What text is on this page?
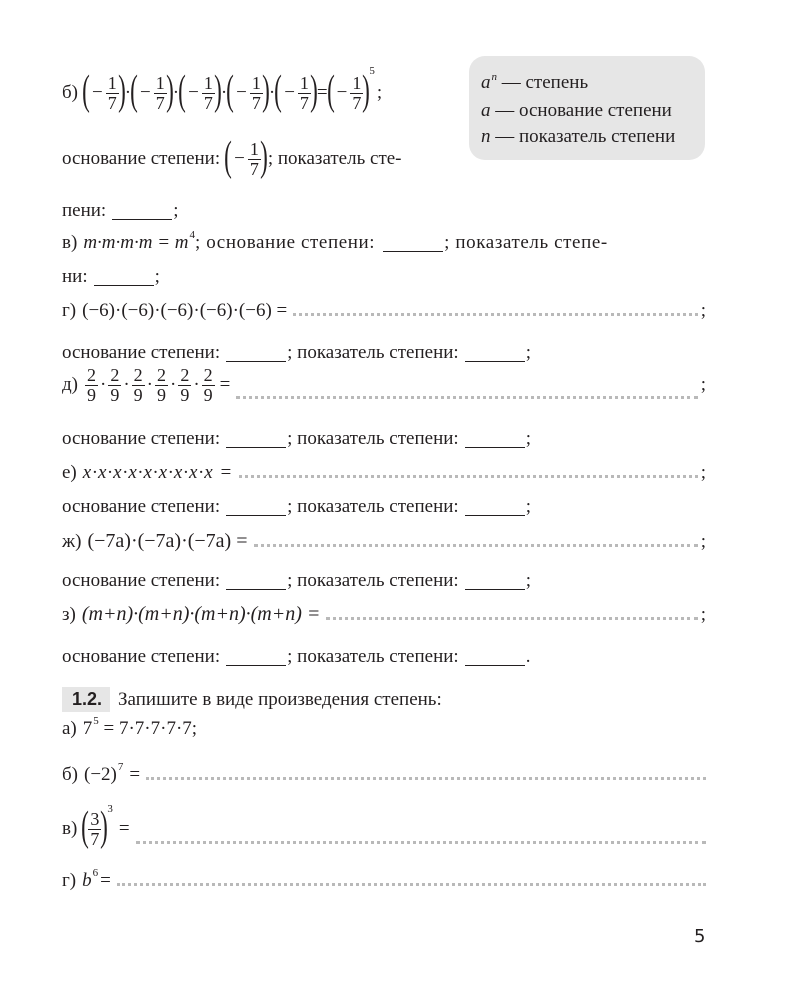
$a^n$ — степень
a — основание степени
n — показатель степени
б) ( − $\frac{1}{7}$ ) · ( − $\frac{1}{7}$ ) · ( − $\frac{1}{7}$ ) · ( − $\frac{1}{7}$ ) · ( − $\frac{1}{7}$ ) = ( − $\frac{1}{7}$ ) 5
;
основание степени: ( − $\frac{1}{7}$ ) ; показатель сте-
пени:	;
в) m·m·m·m = m 4 ; основание степени:	; показатель степе-
ни:	;
г) (−6)·(−6)·(−6)·(−6)·(−6) =	;
основание степени:	; показатель степени:	;
$д) \frac{2}{9} \cdot \frac{2}{9} \cdot \frac{2}{9} \cdot \frac{2}{9} \cdot \frac{2}{9} \cdot \frac{2}{9}$ =	;
основание степени:	; показатель степени:	;
е) x·x·x·x·x·x·x·x·x =	;
основание степени:	; показатель степени:	;
ж) (−7a)·(−7a)·(−7a) =	;
основание степени:	; показатель степени:	;
з) (m+n)·(m+n)·(m+n)·(m+n) =	;
основание степени:	; показатель степени:	.
1.2. Запишите в виде произведения степень:
а) 7 5 = 7·7·7·7·7;
б) (−2) 7 =
в) ( $\frac{3}{7}$ ) 3
=
г) b 6 =
5
